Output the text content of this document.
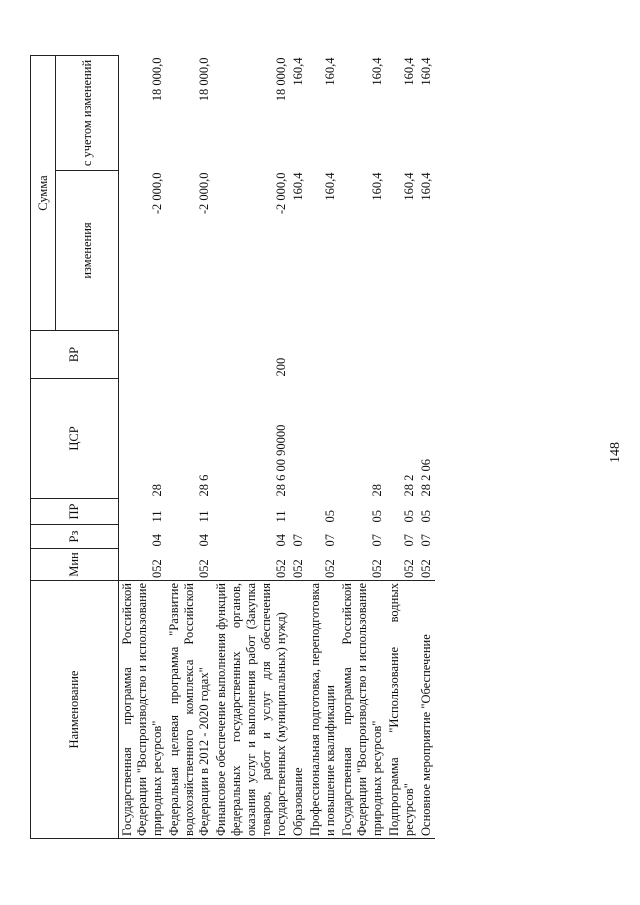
Наименование	Мин	Рз	ПР	ЦСР	ВР	Сумма	
						изменения	с учетом изменений
Государственная программа Российской Федерации "Воспроизводство и использование природных ресурсов"	052	04	11	28		-2 000,0	18 000,0
Федеральная целевая программа "Развитие водохозяйственного комплекса Российской Федерации в 2012 - 2020 годах"	052	04	11	28 6		-2 000,0	18 000,0
Финансовое обеспечение выполнения функций федеральных государственных органов, оказания услуг и выполнения работ (Закупка товаров, работ и услуг для обеспечения государственных (муниципальных) нужд)	052	04	11	28 6 00 90000	200	-2 000,0	18 000,0
Образование	052	07				160,4	160,4
Профессиональная подготовка, переподготовка и повышение квалификации	052	07	05			160,4	160,4
Государственная программа Российской Федерации "Воспроизводство и использование природных ресурсов"	052	07	05	28		160,4	160,4
Подпрограмма "Использование водных ресурсов"	052	07	05	28 2		160,4	160,4
Основное мероприятие "Обеспечение	052	07	05	28 2 06		160,4	160,4
148
